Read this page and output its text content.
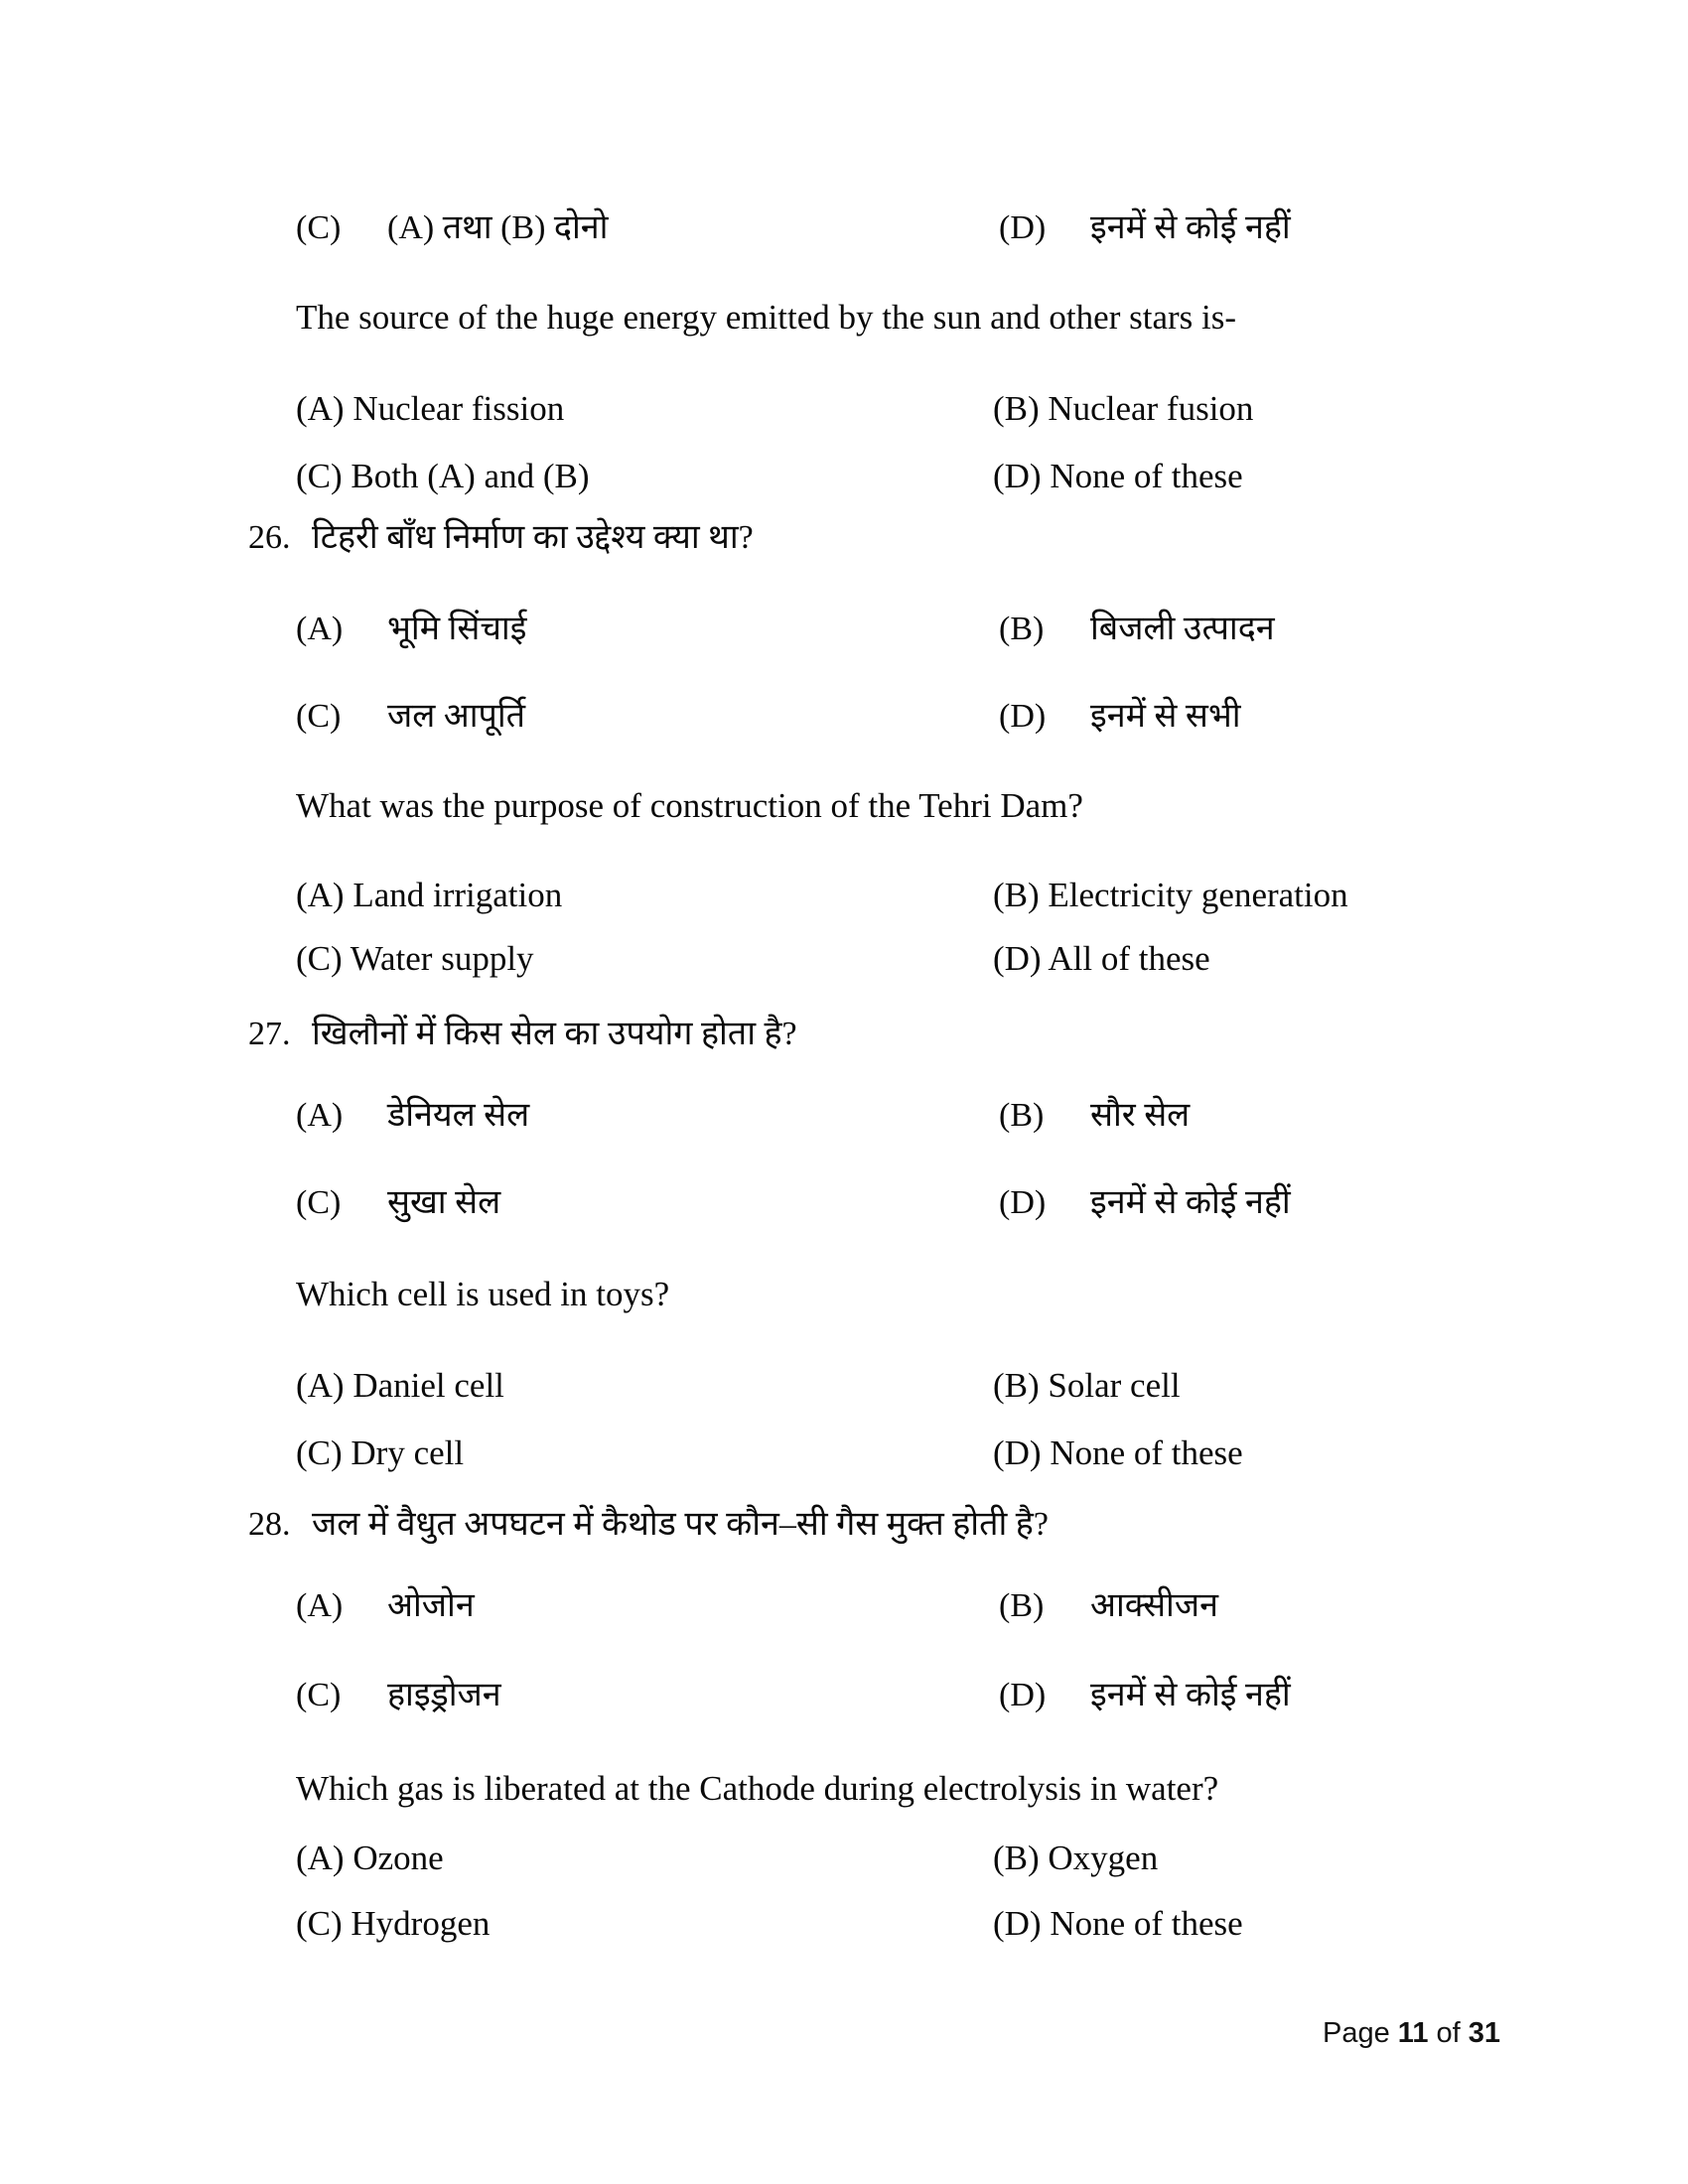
(C) (A) तथा (B) दोनो	(D) इनमें से कोई नहीं
The source of the huge energy emitted by the sun and other stars is-
(A) Nuclear fission	(B) Nuclear fusion
(C) Both (A) and (B)	(D) None of these
26. टिहरी बाँध निर्माण का उद्देश्य क्या था?
(A) भूमि सिंचाई	(B) बिजली उत्पादन
(C) जल आपूर्ति	(D) इनमें से सभी
What was the purpose of construction of the Tehri Dam?
(A) Land irrigation	(B) Electricity generation
(C) Water supply	(D) All of these
27. खिलौनों में किस सेल का उपयोग होता है?
(A) डेनियल सेल	(B) सौर सेल
(C) सुखा सेल	(D) इनमें से कोई नहीं
Which cell is used in toys?
(A) Daniel cell	(B) Solar cell
(C) Dry cell	(D) None of these
28. जल में वैधुत अपघटन में कैथोड पर कौन–सी गैस मुक्त होती है?
(A) ओजोन	(B) आक्सीजन
(C) हाइड्रोजन	(D) इनमें से कोई नहीं
Which gas is liberated at the Cathode during electrolysis in water?
(A) Ozone	(B) Oxygen
(C) Hydrogen	(D) None of these
Page 11 of 31
